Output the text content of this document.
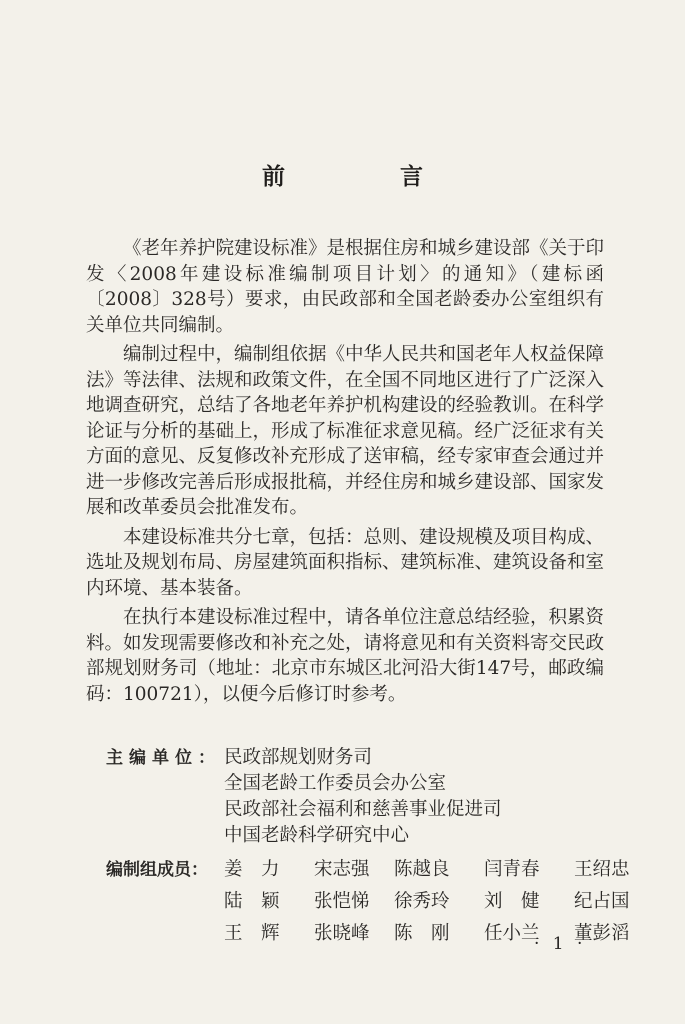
前　言

《老年养护院建设标准》是根据住房和城乡建设部《关于印发〈2008年建设标准编制项目计划〉的通知》（建标函〔2008〕328号）要求，由民政部和全国老龄委办公室组织有关单位共同编制。

编制过程中，编制组依据《中华人民共和国老年人权益保障法》等法律、法规和政策文件，在全国不同地区进行了广泛深入地调查研究，总结了各地老年养护机构建设的经验教训。在科学论证与分析的基础上，形成了标准征求意见稿。经广泛征求有关方面的意见、反复修改补充形成了送审稿，经专家审查会通过并进一步修改完善后形成报批稿，并经住房和城乡建设部、国家发展和改革委员会批准发布。

本建设标准共分七章，包括：总则、建设规模及项目构成、选址及规划布局、房屋建筑面积指标、建筑标准、建筑设备和室内环境、基本装备。

在执行本建设标准过程中，请各单位注意总结经验，积累资料。如发现需要修改和补充之处，请将意见和有关资料寄交民政部规划财务司（地址：北京市东城区北河沿大街147号，邮政编码：100721），以便今后修订时参考。

主编单位： 民政部规划财务司
全国老龄工作委员会办公室
民政部社会福利和慈善事业促进司
中国老龄科学研究中心
编制组成员： 姜　力	宋志强	陈越良	闫青春	王绍忠
陆　颖	张恺悌	徐秀玲	刘　健	纪占国
王　辉	张晓峰	陈　刚	任小兰	董彭滔
· 1 ·
